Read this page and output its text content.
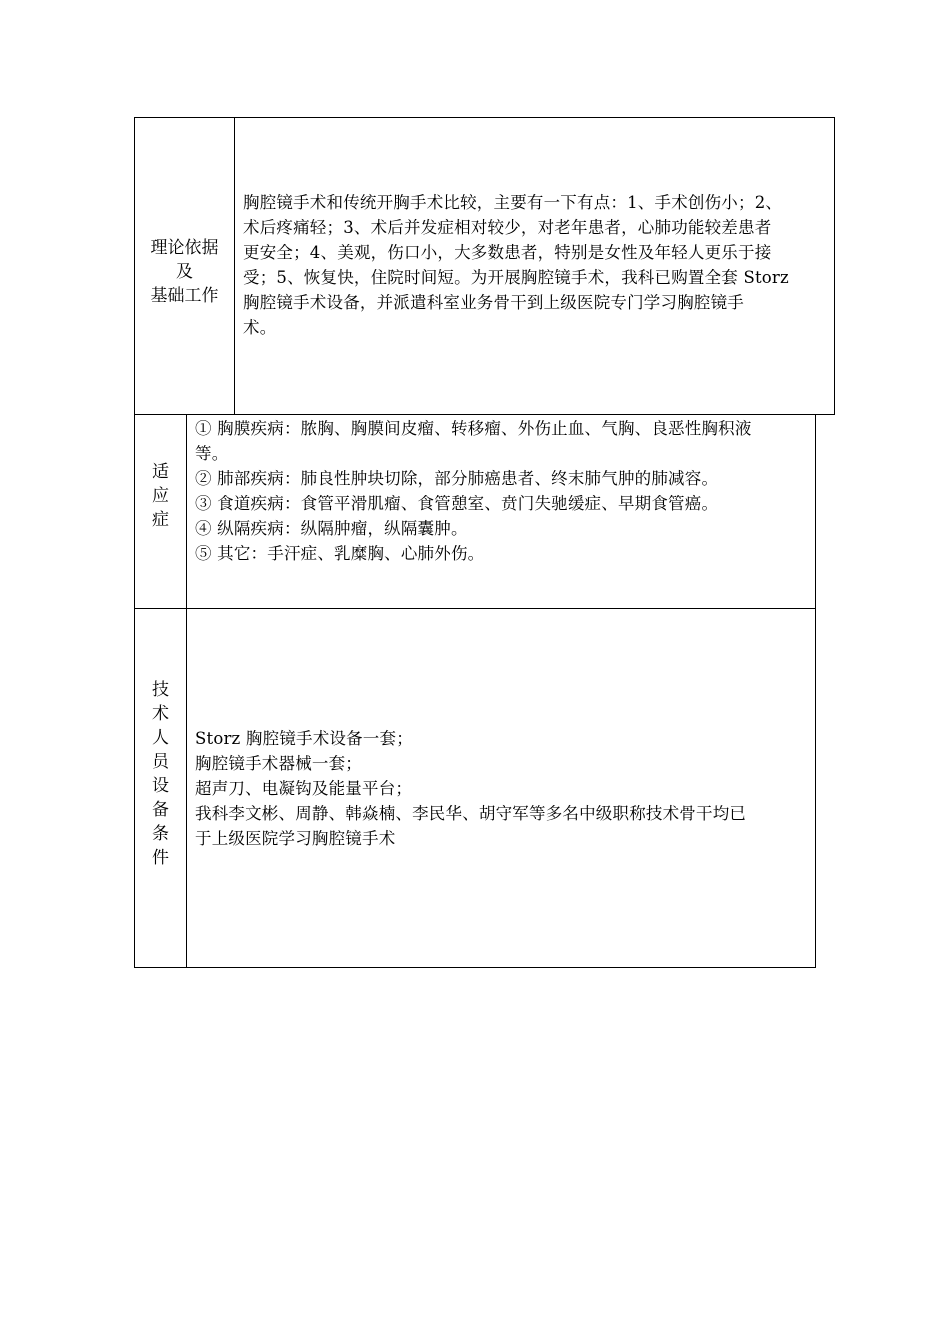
理论依据
及
基础工作
胸腔镜手术和传统开胸手术比较，主要有一下有点：1、手术创伤小；2、
术后疼痛轻；3、术后并发症相对较少，对老年患者，心肺功能较差患者
更安全；4、美观，伤口小，大多数患者，特别是女性及年轻人更乐于接
受；5、恢复快，住院时间短。为开展胸腔镜手术，我科已购置全套 Storz
胸腔镜手术设备，并派遣科室业务骨干到上级医院专门学习胸腔镜手
术。
适
应
症
① 胸膜疾病：脓胸、胸膜间皮瘤、转移瘤、外伤止血、气胸、良恶性胸积液
等。
② 肺部疾病：肺良性肿块切除，部分肺癌患者、终末肺气肿的肺减容。
③ 食道疾病：食管平滑肌瘤、食管憩室、贲门失驰缓症、早期食管癌。
④ 纵隔疾病：纵隔肿瘤，纵隔囊肿。
⑤ 其它：手汗症、乳糜胸、心肺外伤。
技
术
人
员
设
备
条
件
Storz 胸腔镜手术设备一套；
胸腔镜手术器械一套；
超声刀、电凝钩及能量平台；
我科李文彬、周静、韩焱楠、李民华、胡守军等多名中级职称技术骨干均已
于上级医院学习胸腔镜手术
